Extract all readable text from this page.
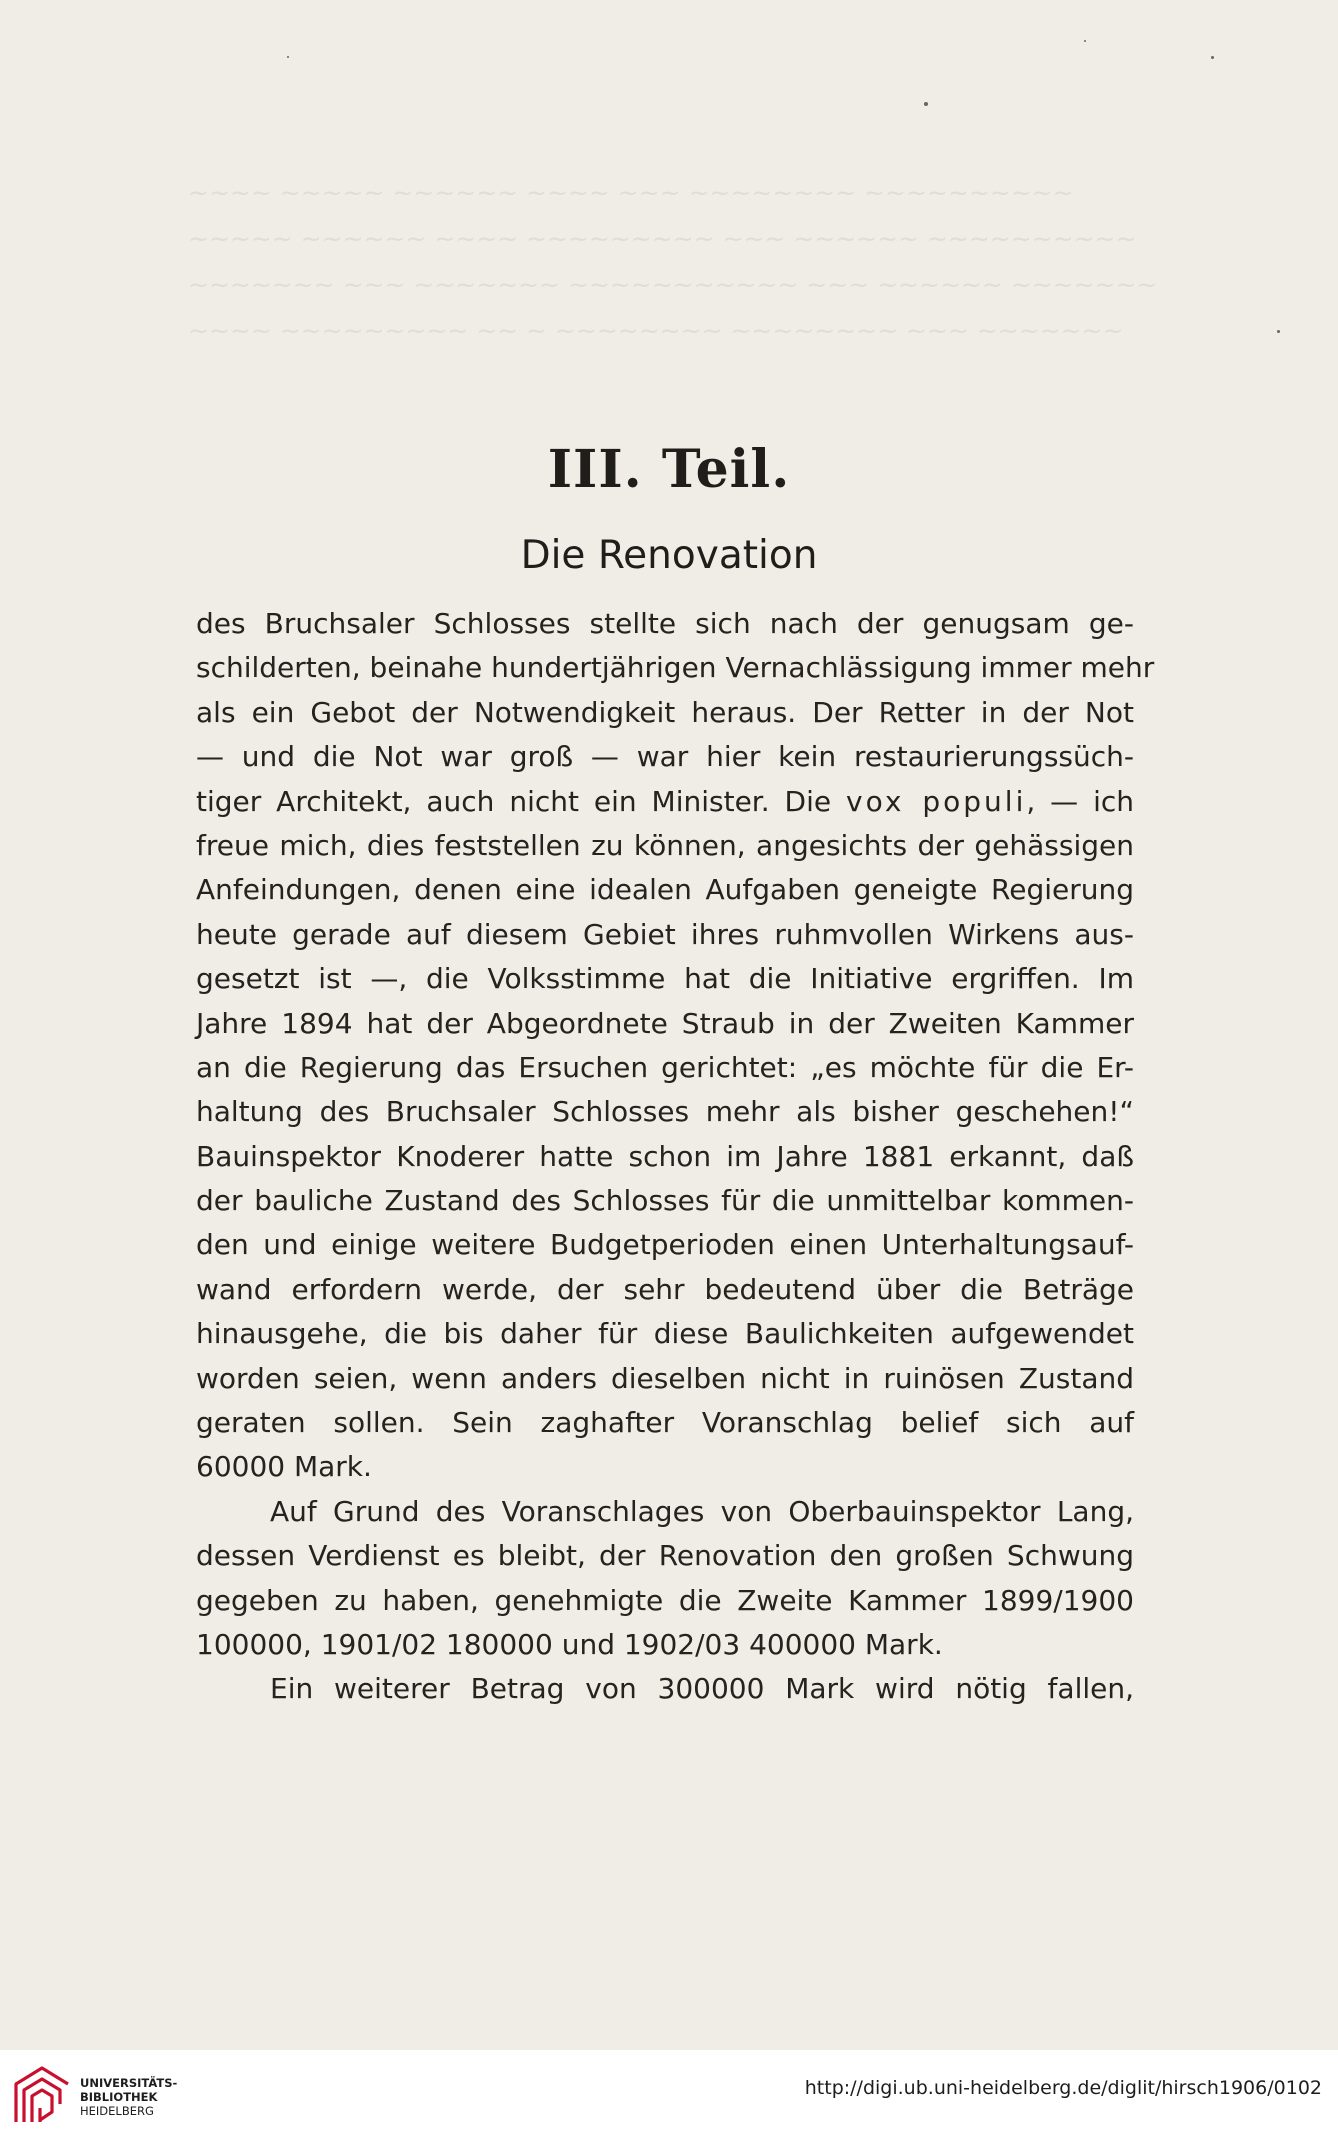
~~~~ ~~~~~ ~~~~~~ ~~~~ ~~~ ~~~~~~~~ ~~~~~~~~~~
~~~~~ ~~~~~~ ~~~~ ~~~~~~~~~ ~~~ ~~~~~~ ~~~~~~~~~~
~~~~~~~ ~~~ ~~~~~~~ ~~~~~~~~~~~ ~~~ ~~~~~~ ~~~~~~~
~~~~ ~~~~~~~~~ ~~ ~ ~~~~~~~~ ~~~~~~~~ ~~~ ~~~~~~~
III. Teil.
Die Renovation
des Bruchsaler Schlosses stellte sich nach der genugsam ge-
schilderten, beinahe hundertjährigen Vernachlässigung immer mehr
als ein Gebot der Notwendigkeit heraus. Der Retter in der Not
— und die Not war groß — war hier kein restaurierungssüch-
tiger Architekt, auch nicht ein Minister. Die vox populi, — ich
freue mich, dies feststellen zu können, angesichts der gehässigen
Anfeindungen, denen eine idealen Aufgaben geneigte Regierung
heute gerade auf diesem Gebiet ihres ruhmvollen Wirkens aus-
gesetzt ist —, die Volksstimme hat die Initiative ergriffen. Im
Jahre 1894 hat der Abgeordnete Straub in der Zweiten Kammer
an die Regierung das Ersuchen gerichtet: „es möchte für die Er-
haltung des Bruchsaler Schlosses mehr als bisher geschehen!“
Bauinspektor Knoderer hatte schon im Jahre 1881 erkannt, daß
der bauliche Zustand des Schlosses für die unmittelbar kommen-
den und einige weitere Budgetperioden einen Unterhaltungsauf-
wand erfordern werde, der sehr bedeutend über die Beträge
hinausgehe, die bis daher für diese Baulichkeiten aufgewendet
worden seien, wenn anders dieselben nicht in ruinösen Zustand
geraten sollen. Sein zaghafter Voranschlag belief sich auf
60000 Mark.
Auf Grund des Voranschlages von Oberbauinspektor Lang,
dessen Verdienst es bleibt, der Renovation den großen Schwung
gegeben zu haben, genehmigte die Zweite Kammer 1899/1900
100000, 1901/02 180000 und 1902/03 400000 Mark.
Ein weiterer Betrag von 300000 Mark wird nötig fallen,
UNIVERSITÄTS-
BIBLIOTHEK
HEIDELBERG
http://digi.ub.uni-heidelberg.de/diglit/hirsch1906/0102
